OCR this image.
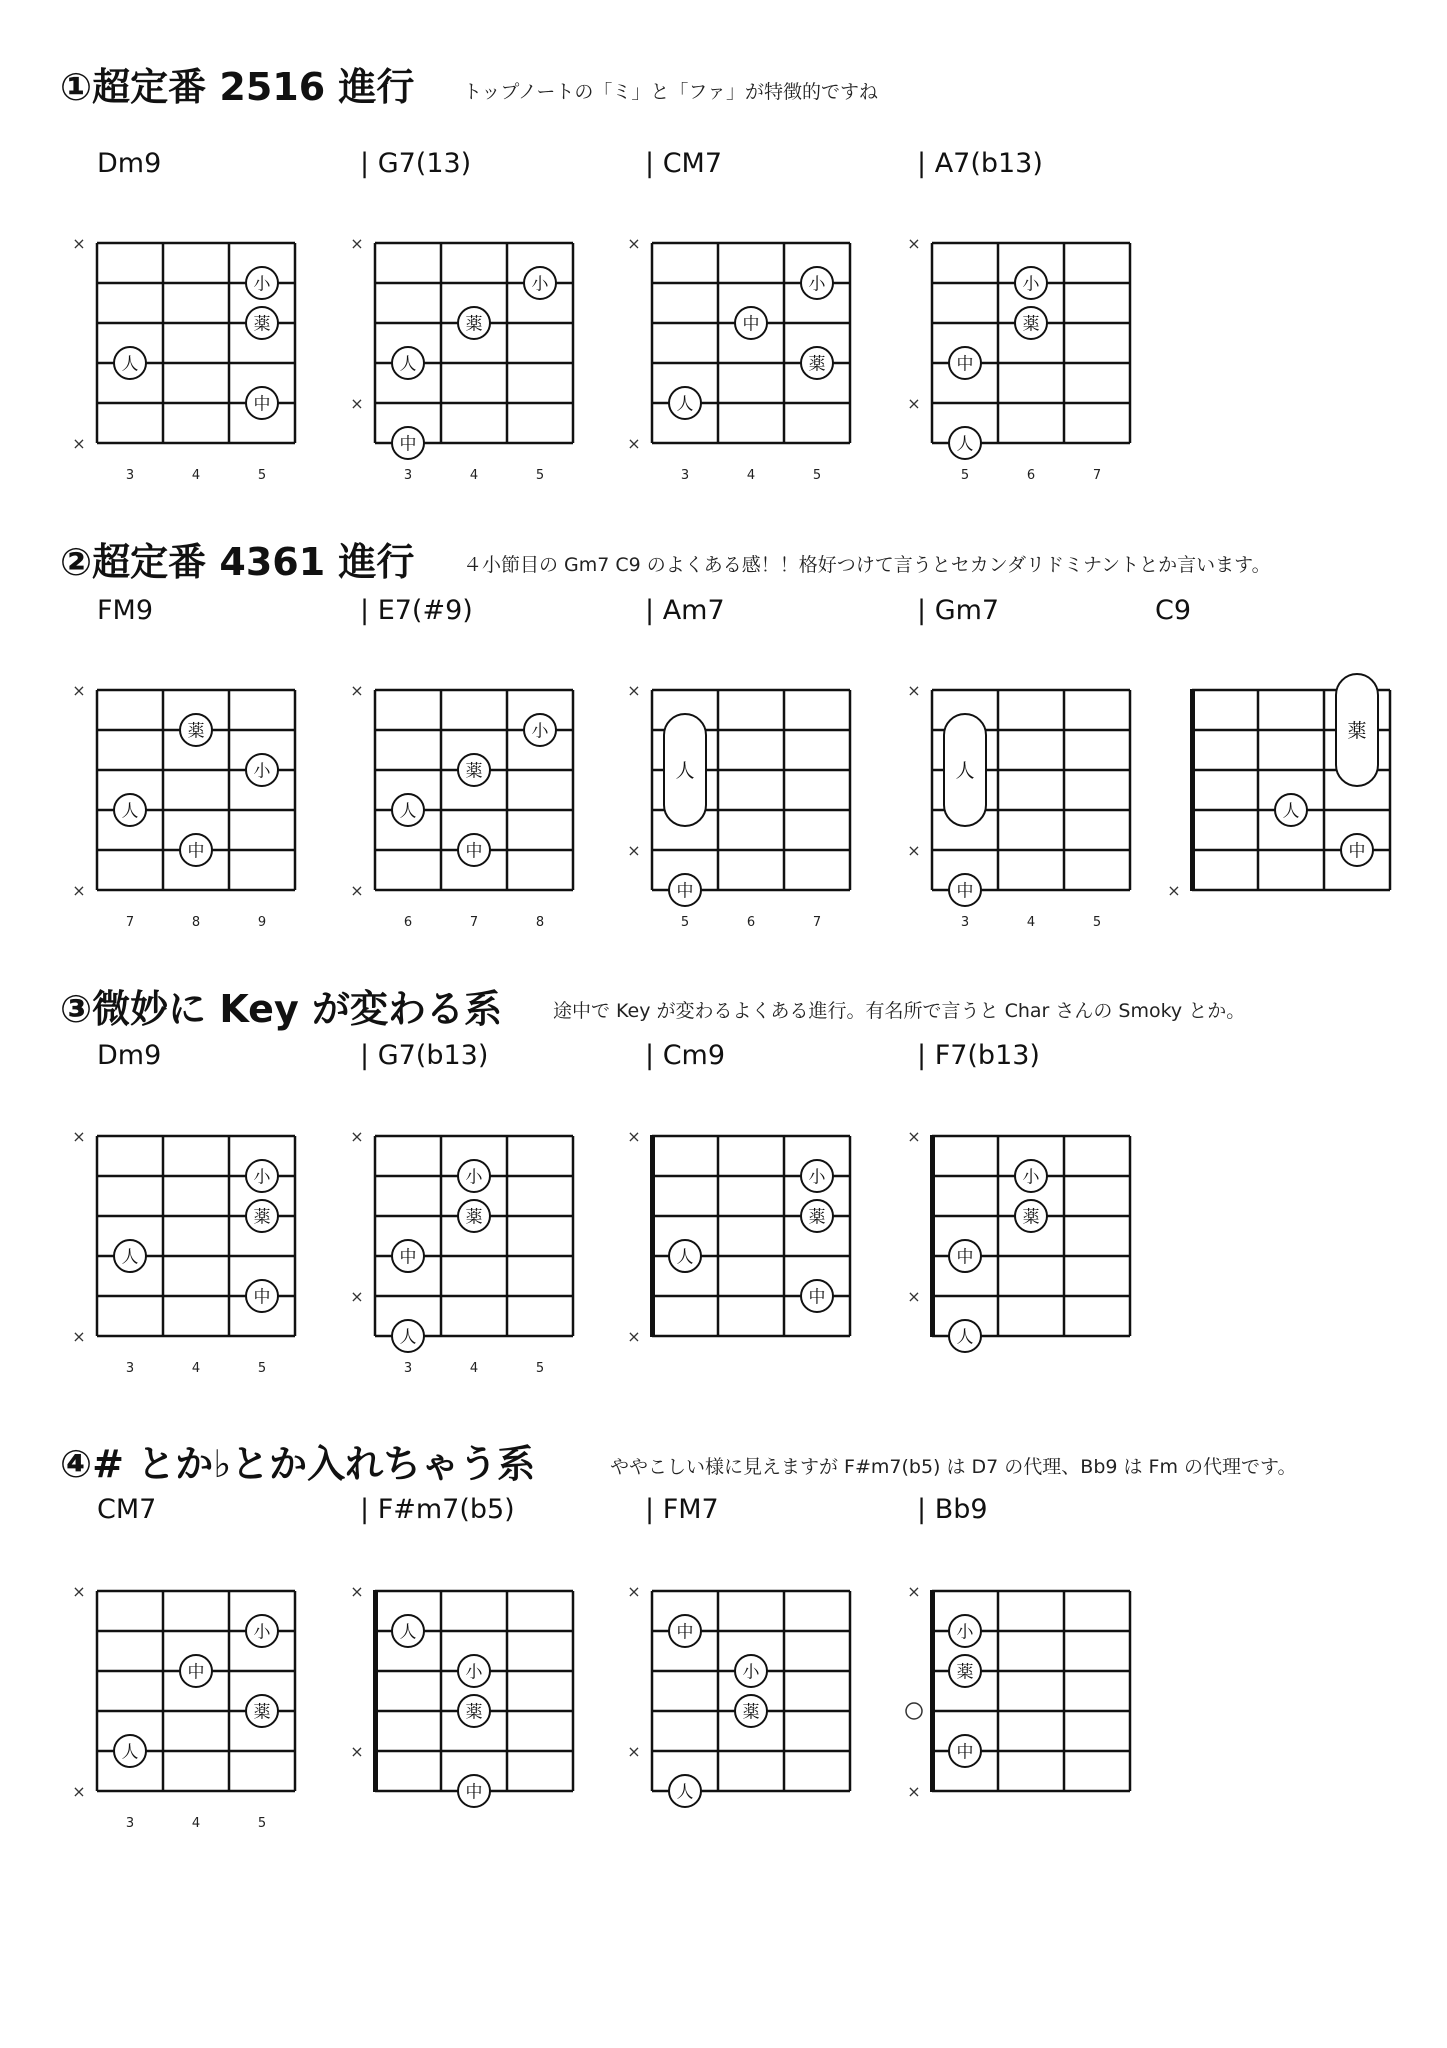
①超定番 2516 進行	トップノートの「ミ」と「ファ」が特徴的ですね
②超定番 4361 進行	４小節目の Gm7 C9 のよくある感！！格好つけて言うとセカンダリドミナントとか言います。
③微妙に Key が変わる系	途中で Key が変わるよくある進行。有名所で言うと Char さんの Smoky とか。
④# とか♭とか入れちゃう系	ややこしい様に見えますが F#m7(b5) は D7 の代理、Bb9 は Fm の代理です。
Dm9	| G7(13)	| CM7	| A7(b13)
FM9	| E7(#9)	| Am7	| Gm7	C9
Dm9	| G7(b13)	| Cm9	| F7(b13)
CM7	| F#m7(b5)	| FM7	| Bb9
×
×
小
薬
人
中
3	4	5
×
×
小
薬
人
中
3	4	5
×
×
小
中
薬
人
3	4	5
×
×
小
薬
中
人
5	6	7
×
×
薬
小
人
中
7	8	9
×
×
小
薬
人
中
6	7	8
×
×
人
中
5	6	7
×
×
人
中
3	4	5
×
薬
人
中
×
×
小
薬
人
中
3	4	5
×
×
小
薬
中
人
3	4	5
×
×
小
薬
人
中
×
×
小
薬
中
人
×
×
小
中
薬
人
3	4	5
×
×
人
小
薬
中
×
×
中
小
薬
人
×
×
小
薬
中
